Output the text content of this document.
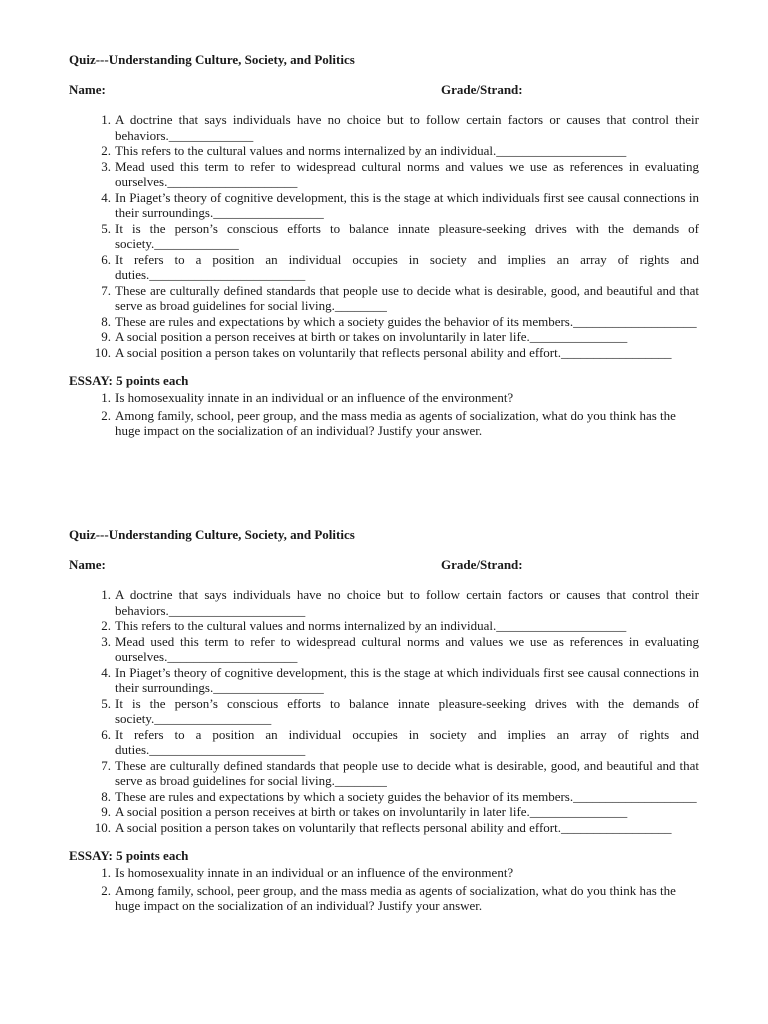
Quiz---Understanding Culture, Society, and Politics

Name:	Grade/Strand:
1. A doctrine that says individuals have no choice but to follow certain factors or causes that control their behaviors._____________
2. This refers to the cultural values and norms internalized by an individual.____________________
3. Mead used this term to refer to widespread cultural norms and values we use as references in evaluating ourselves.____________________
4. In Piaget’s theory of cognitive development, this is the stage at which individuals first see causal connections in their surroundings._________________
5. It is the person’s conscious efforts to balance innate pleasure-seeking drives with the demands of society._____________
6. It refers to a position an individual occupies in society and implies an array of rights and duties.________________________
7. These are culturally defined standards that people use to decide what is desirable, good, and beautiful and that serve as broad guidelines for social living.________
8. These are rules and expectations by which a society guides the behavior of its members.___________________
9. A social position a person receives at birth or takes on involuntarily in later life._______________
10. A social position a person takes on voluntarily that reflects personal ability and effort._________________
ESSAY: 5 points each
1. Is homosexuality innate in an individual or an influence of the environment?
2. Among family, school, peer group, and the mass media as agents of socialization, what do you think has the huge impact on the socialization of an individual? Justify your answer.

Quiz---Understanding Culture, Society, and Politics

Name:	Grade/Strand:
1. A doctrine that says individuals have no choice but to follow certain factors or causes that control their behaviors._____________________
2. This refers to the cultural values and norms internalized by an individual.____________________
3. Mead used this term to refer to widespread cultural norms and values we use as references in evaluating ourselves.____________________
4. In Piaget’s theory of cognitive development, this is the stage at which individuals first see causal connections in their surroundings._________________
5. It is the person’s conscious efforts to balance innate pleasure-seeking drives with the demands of society.__________________
6. It refers to a position an individual occupies in society and implies an array of rights and duties.________________________
7. These are culturally defined standards that people use to decide what is desirable, good, and beautiful and that serve as broad guidelines for social living.________
8. These are rules and expectations by which a society guides the behavior of its members.___________________
9. A social position a person receives at birth or takes on involuntarily in later life._______________
10. A social position a person takes on voluntarily that reflects personal ability and effort._________________
ESSAY: 5 points each
1. Is homosexuality innate in an individual or an influence of the environment?
2. Among family, school, peer group, and the mass media as agents of socialization, what do you think has the huge impact on the socialization of an individual? Justify your answer.
